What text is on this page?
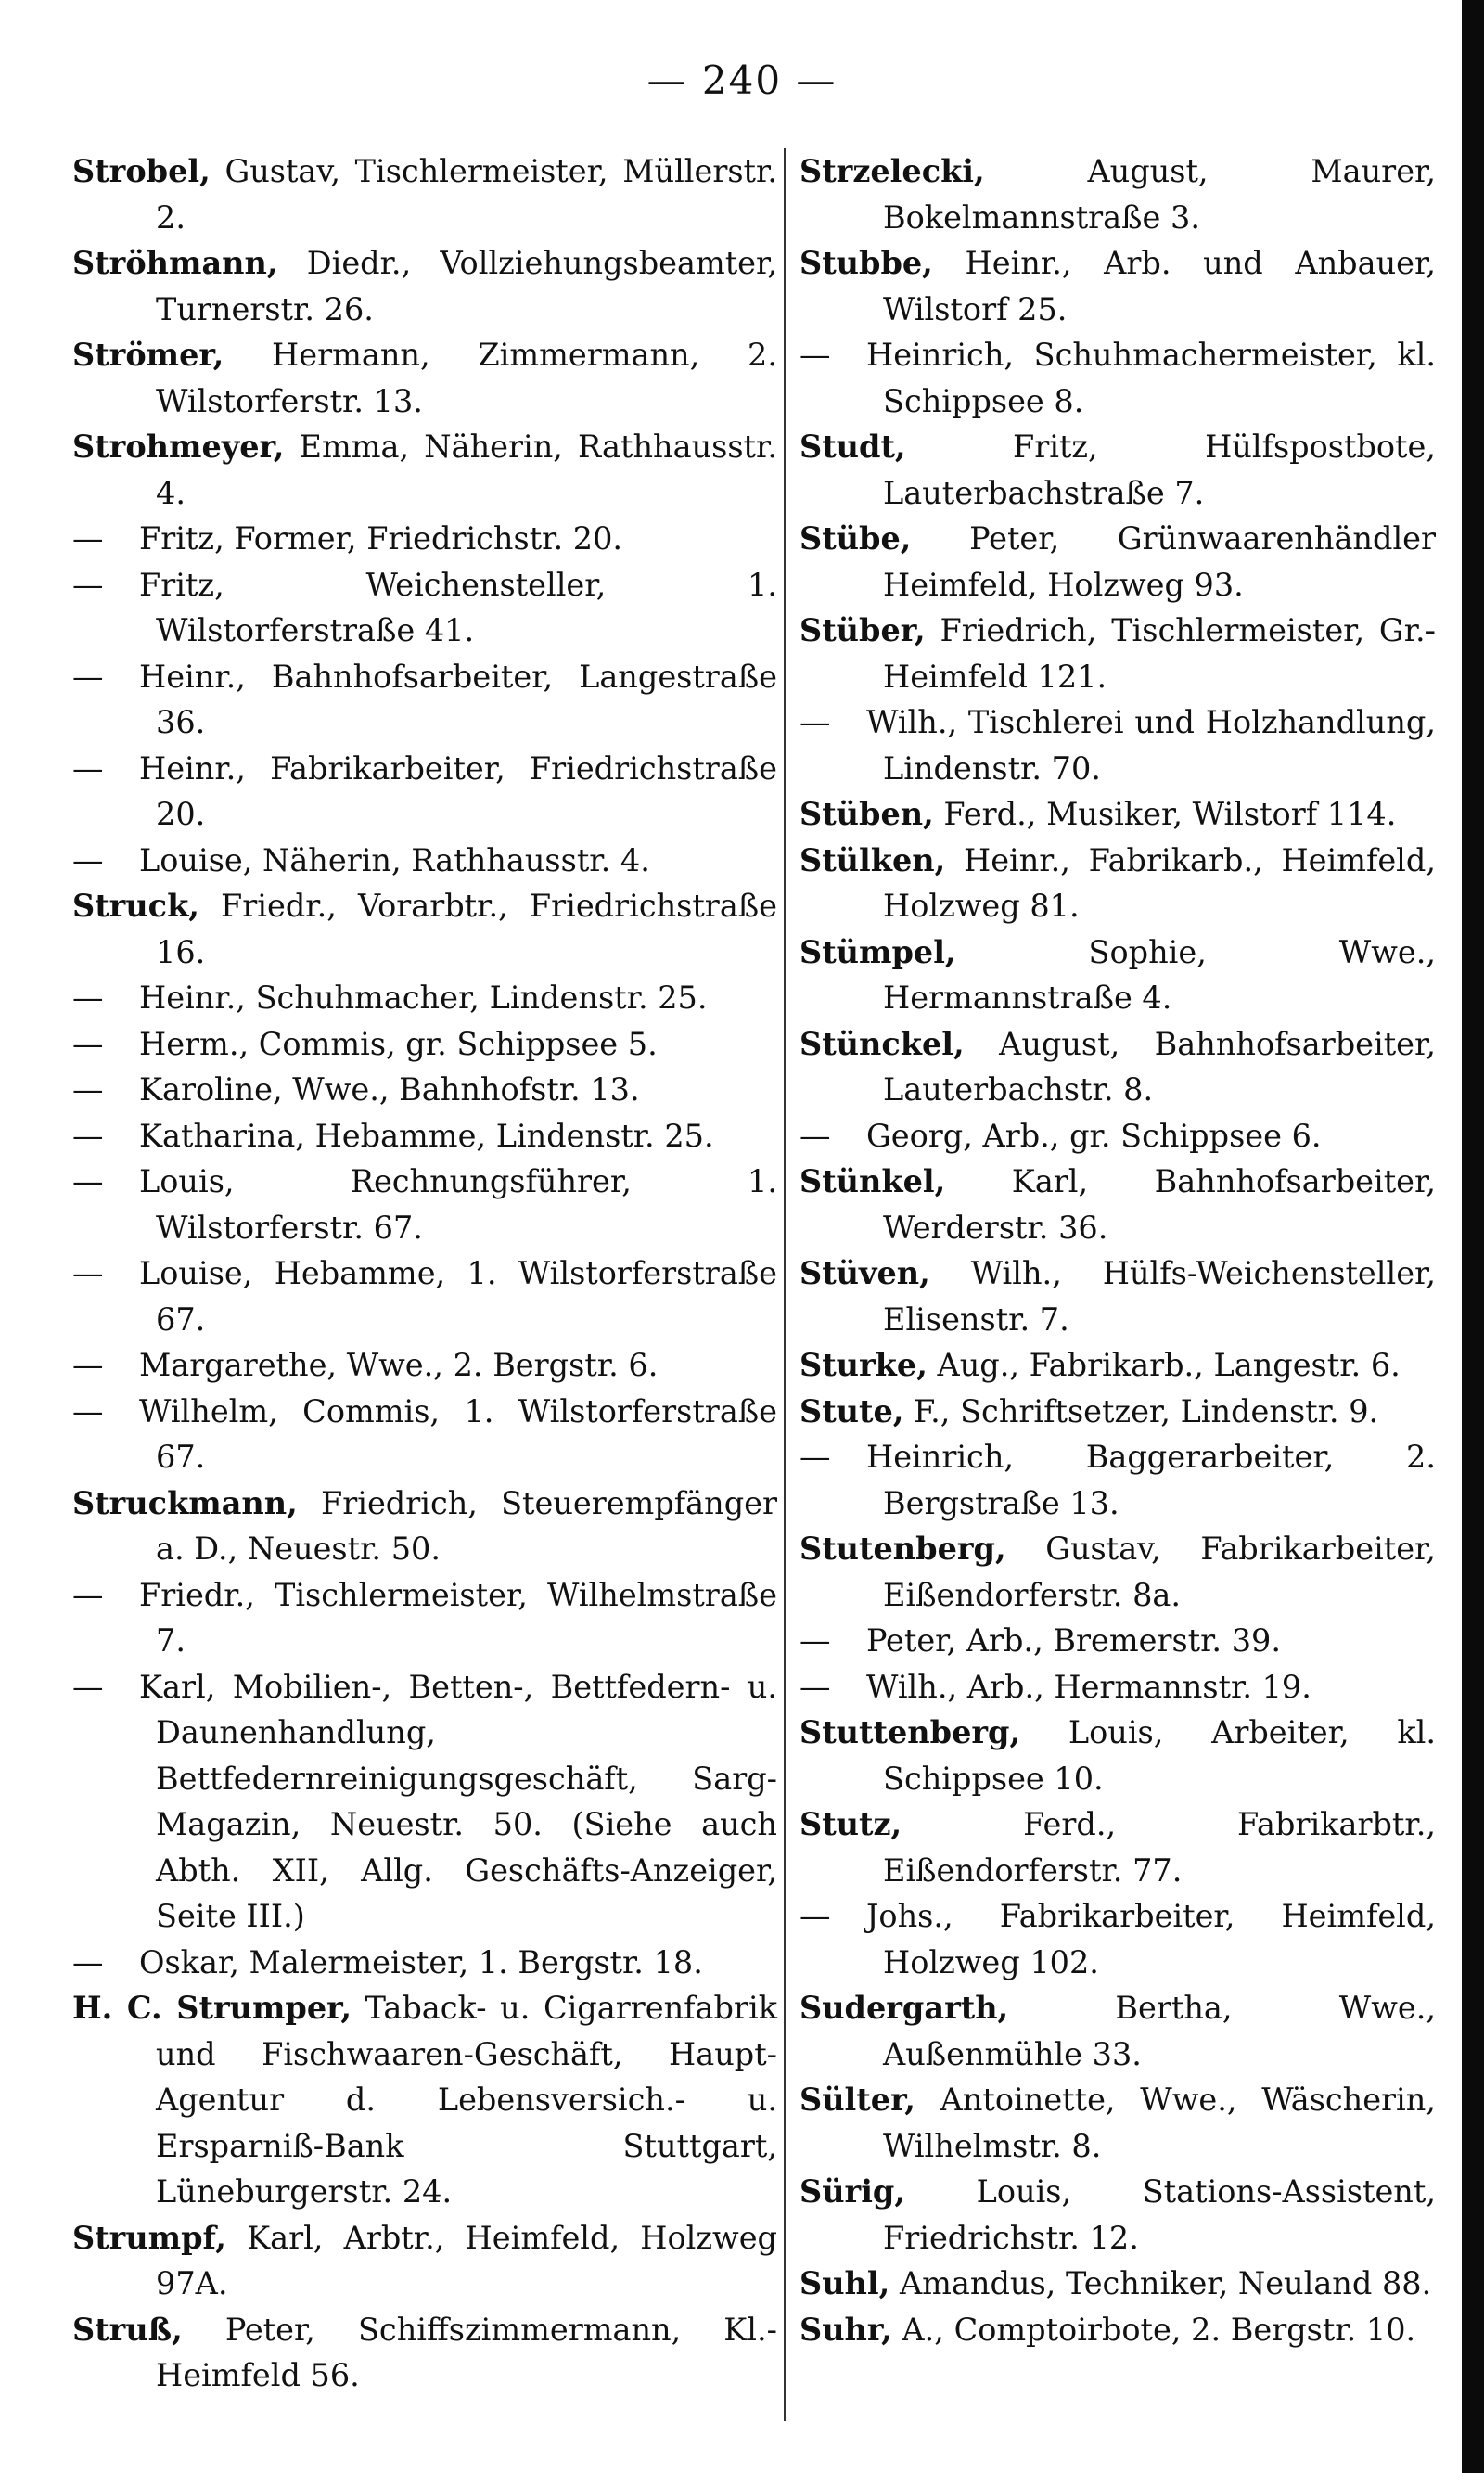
— 240 —

Strobel, Gustav, Tischlermeister, Müllerstr. 2.

Ströhmann, Diedr., Vollziehungsbeamter, Turnerstr. 26.

Strömer, Hermann, Zimmermann, 2. Wilstorferstr. 13.

Strohmeyer, Emma, Näherin, Rathhausstr. 4.

— Fritz, Former, Friedrichstr. 20.

— Fritz, Weichensteller, 1. Wilstorferstraße 41.

— Heinr., Bahnhofsarbeiter, Langestraße 36.

— Heinr., Fabrikarbeiter, Friedrichstraße 20.

— Louise, Näherin, Rathhausstr. 4.

Struck, Friedr., Vorarbtr., Friedrichstraße 16.

— Heinr., Schuhmacher, Lindenstr. 25.

— Herm., Commis, gr. Schippsee 5.

— Karoline, Wwe., Bahnhofstr. 13.

— Katharina, Hebamme, Lindenstr. 25.

— Louis, Rechnungsführer, 1. Wilstorferstr. 67.

— Louise, Hebamme, 1. Wilstorferstraße 67.

— Margarethe, Wwe., 2. Bergstr. 6.

— Wilhelm, Commis, 1. Wilstorferstraße 67.

Struckmann, Friedrich, Steuerempfänger a. D., Neuestr. 50.

— Friedr., Tischlermeister, Wilhelmstraße 7.

— Karl, Mobilien-, Betten-, Bettfedern- u. Daunenhandlung, Bettfedernreinigungsgeschäft, Sarg-Magazin, Neuestr. 50. (Siehe auch Abth. XII, Allg. Geschäfts-Anzeiger, Seite III.)

— Oskar, Malermeister, 1. Bergstr. 18.

H. C. Strumper, Taback- u. Cigarrenfabrik und Fischwaaren-Geschäft, Haupt-Agentur d. Lebensversich.- u. Ersparniß-Bank Stuttgart, Lüneburgerstr. 24.

Strumpf, Karl, Arbtr., Heimfeld, Holzweg 97A.

Struß, Peter, Schiffszimmermann, Kl.-Heimfeld 56.

Strzelecki, August, Maurer, Bokelmannstraße 3.

Stubbe, Heinr., Arb. und Anbauer, Wilstorf 25.

— Heinrich, Schuhmachermeister, kl. Schippsee 8.

Studt, Fritz, Hülfspostbote, Lauterbachstraße 7.

Stübe, Peter, Grünwaarenhändler Heimfeld, Holzweg 93.

Stüber, Friedrich, Tischlermeister, Gr.-Heimfeld 121.

— Wilh., Tischlerei und Holzhandlung, Lindenstr. 70.

Stüben, Ferd., Musiker, Wilstorf 114.

Stülken, Heinr., Fabrikarb., Heimfeld, Holzweg 81.

Stümpel, Sophie, Wwe., Hermannstraße 4.

Stünckel, August, Bahnhofsarbeiter, Lauterbachstr. 8.

— Georg, Arb., gr. Schippsee 6.

Stünkel, Karl, Bahnhofsarbeiter, Werderstr. 36.

Stüven, Wilh., Hülfs-Weichensteller, Elisenstr. 7.

Sturke, Aug., Fabrikarb., Langestr. 6.

Stute, F., Schriftsetzer, Lindenstr. 9.

— Heinrich, Baggerarbeiter, 2. Bergstraße 13.

Stutenberg, Gustav, Fabrikarbeiter, Eißendorferstr. 8a.

— Peter, Arb., Bremerstr. 39.

— Wilh., Arb., Hermannstr. 19.

Stuttenberg, Louis, Arbeiter, kl. Schippsee 10.

Stutz, Ferd., Fabrikarbtr., Eißendorferstr. 77.

— Johs., Fabrikarbeiter, Heimfeld, Holzweg 102.

Sudergarth, Bertha, Wwe., Außenmühle 33.

Sülter, Antoinette, Wwe., Wäscherin, Wilhelmstr. 8.

Sürig, Louis, Stations-Assistent, Friedrichstr. 12.

Suhl, Amandus, Techniker, Neuland 88.

Suhr, A., Comptoirbote, 2. Bergstr. 10.
